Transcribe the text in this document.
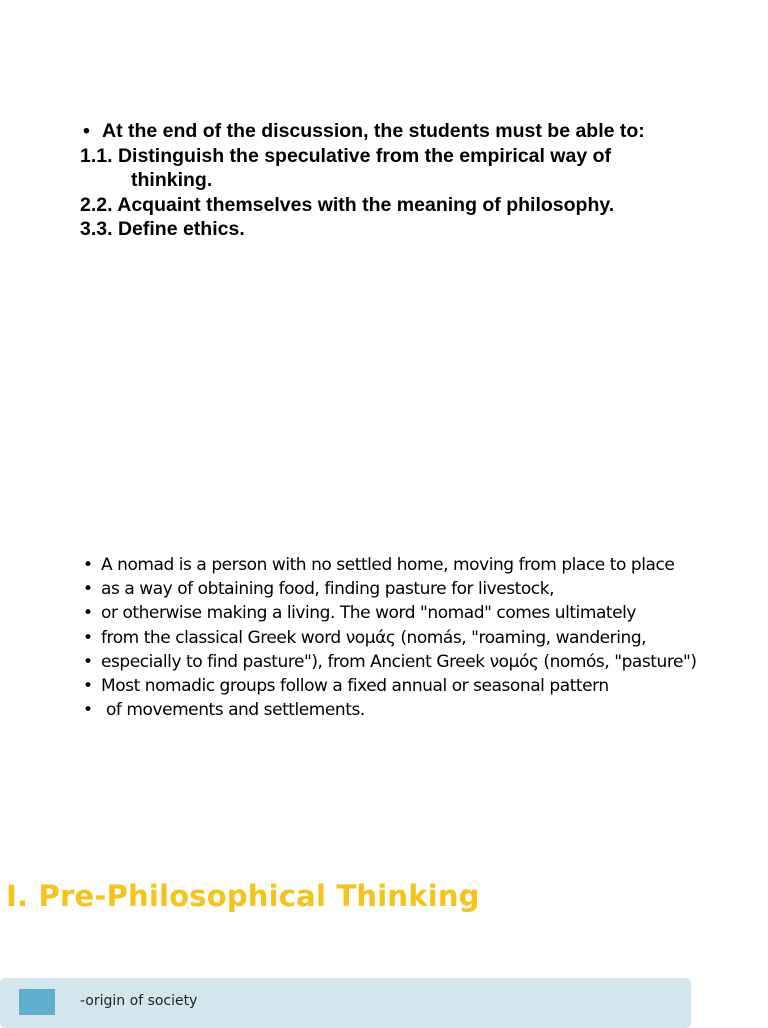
• At the end of the discussion, the students must be able to:
1.1. Distinguish the speculative from the empirical way of
thinking.
2.2. Acquaint themselves with the meaning of philosophy.
3.3. Define ethics.
• A nomad is a person with no settled home, moving from place to place
• as a way of obtaining food, finding pasture for livestock,
• or otherwise making a living. The word "nomad" comes ultimately
• from the classical Greek word νομάς (nomás, "roaming, wandering,
• especially to find pasture"), from Ancient Greek νομός (nomós, "pasture")
• Most nomadic groups follow a fixed annual or seasonal pattern
• of movements and settlements.
I. Pre-Philosophical Thinking
-origin of society
